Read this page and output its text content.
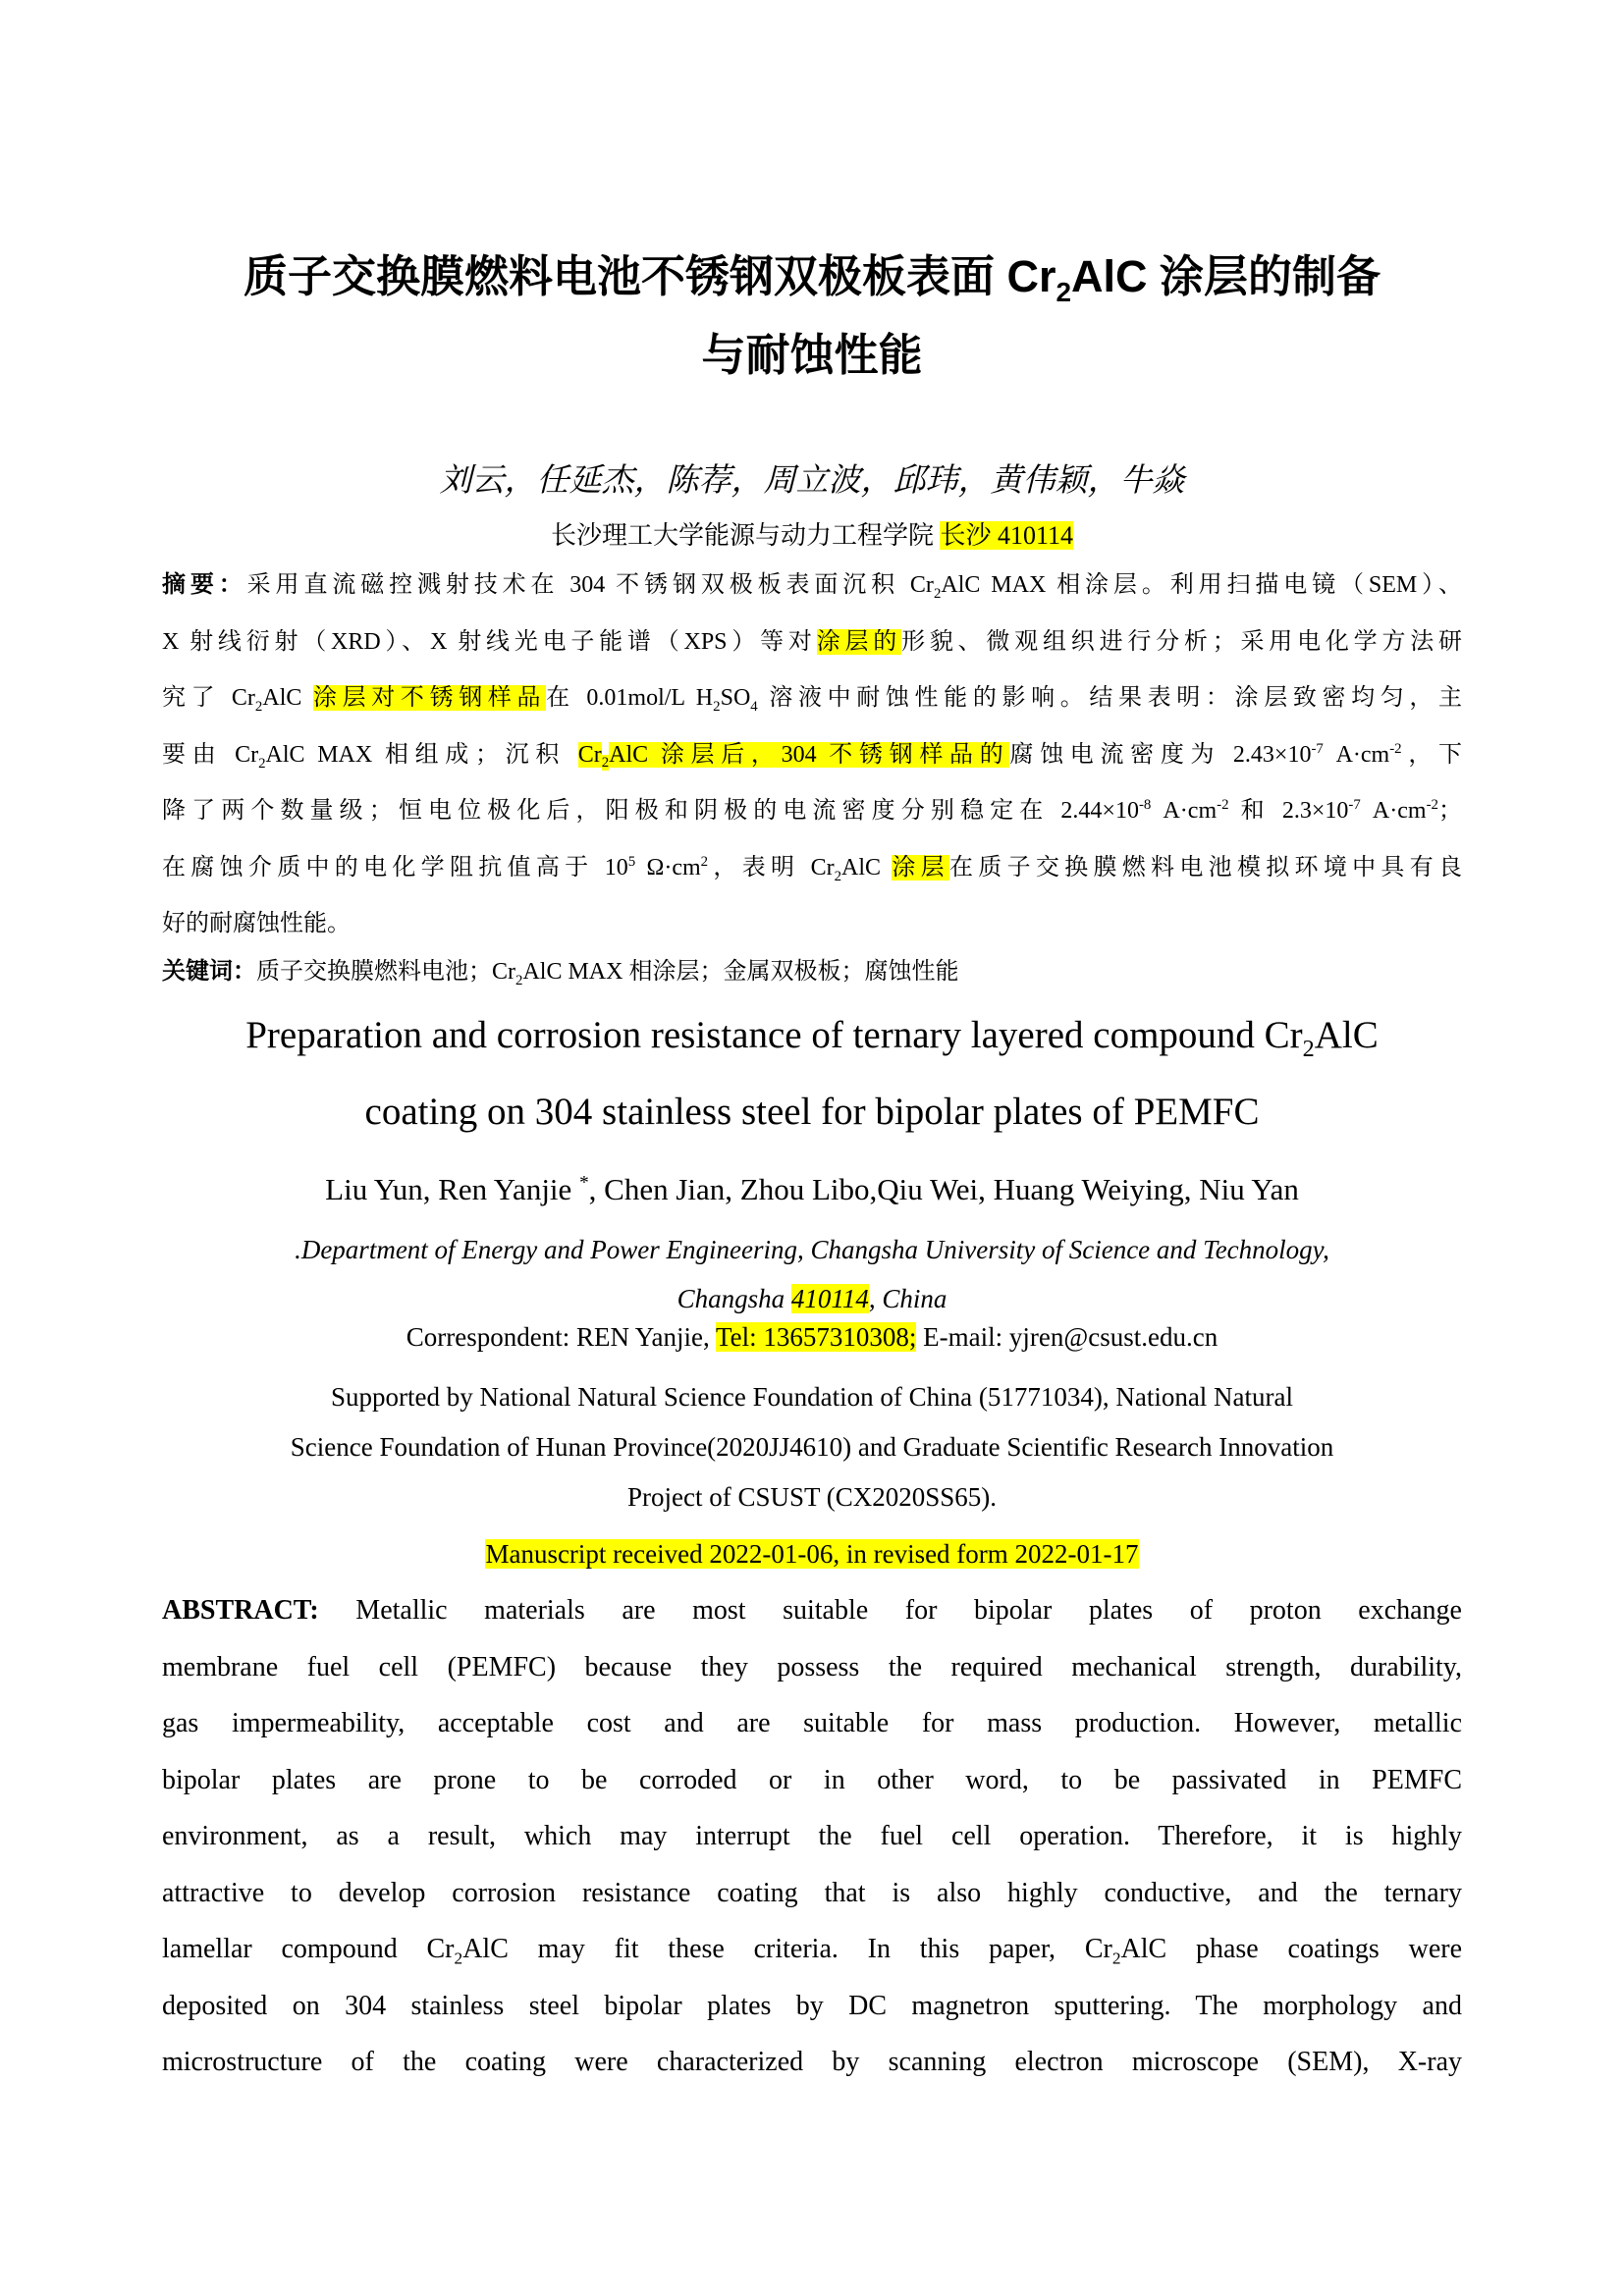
质子交换膜燃料电池不锈钢双极板表面 $Cr_2AlC$ 涂层的制备
与耐蚀性能
刘云，任延杰，陈荐，周立波，邱玮，黄伟颖，牛焱
长沙理工大学能源与动力工程学院 长沙 410114
摘要：采用直流磁控溅射技术在 304 不锈钢双极板表面沉积 $Cr_2AlC$ MAX 相涂层。利用扫描电镜（SEM）、
X 射线衍射（XRD）、X 射线光电子能谱（XPS）等对涂层的形貌、微观组织进行分析；采用电化学方法研
究了 $Cr_2AlC$ 涂层对不锈钢样品在 0.01mol/L $H_2SO_4$ 溶液中耐蚀性能的影响。结果表明：涂层致密均匀，主
要由 $Cr_2AlC$ MAX 相组成；沉积 $Cr_2AlC$ 涂层后，304 不锈钢样品的腐蚀电流密度为 $2.43\times 10^{-7}$ $A\cdot cm^{-2}$，下
降了两个数量级；恒电位极化后，阳极和阴极的电流密度分别稳定在 $2.44\times 10^{-8}$ $A\cdot cm^{-2}$ 和 $2.3\times 10^{-7}$ $A\cdot cm^{-2}$；
在腐蚀介质中的电化学阻抗值高于 $10^5$ $\Omega\cdot cm^2$，表明 $Cr_2AlC$ 涂层在质子交换膜燃料电池模拟环境中具有良
好的耐腐蚀性能。
关键词：质子交换膜燃料电池；$Cr_2AlC$ MAX 相涂层；金属双极板；腐蚀性能
Preparation and corrosion resistance of ternary layered compound $Cr_2AlC$
coating on 304 stainless steel for bipolar plates of PEMFC
Liu Yun, Ren Yanjie *, Chen Jian, Zhou Libo,Qiu Wei, Huang Weiying, Niu Yan
.Department of Energy and Power Engineering, Changsha University of Science and Technology,
Changsha 410114, China
Correspondent: REN Yanjie, Tel: 13657310308; E-mail: yjren@csust.edu.cn
Supported by National Natural Science Foundation of China (51771034), National Natural
Science Foundation of Hunan Province(2020JJ4610) and Graduate Scientific Research Innovation
Project of CSUST (CX2020SS65).
Manuscript received 2022-01-06, in revised form 2022-01-17
ABSTRACT: Metallic materials are most suitable for bipolar plates of proton exchange
membrane fuel cell (PEMFC) because they possess the required mechanical strength, durability,
gas impermeability, acceptable cost and are suitable for mass production. However, metallic
bipolar plates are prone to be corroded or in other word, to be passivated in PEMFC
environment, as a result, which may interrupt the fuel cell operation. Therefore, it is highly
attractive to develop corrosion resistance coating that is also highly conductive, and the ternary
lamellar compound $Cr_2AlC$ may fit these criteria. In this paper, $Cr_2AlC$ phase coatings were
deposited on 304 stainless steel bipolar plates by DC magnetron sputtering. The morphology and
microstructure of the coating were characterized by scanning electron microscope (SEM), X-ray
